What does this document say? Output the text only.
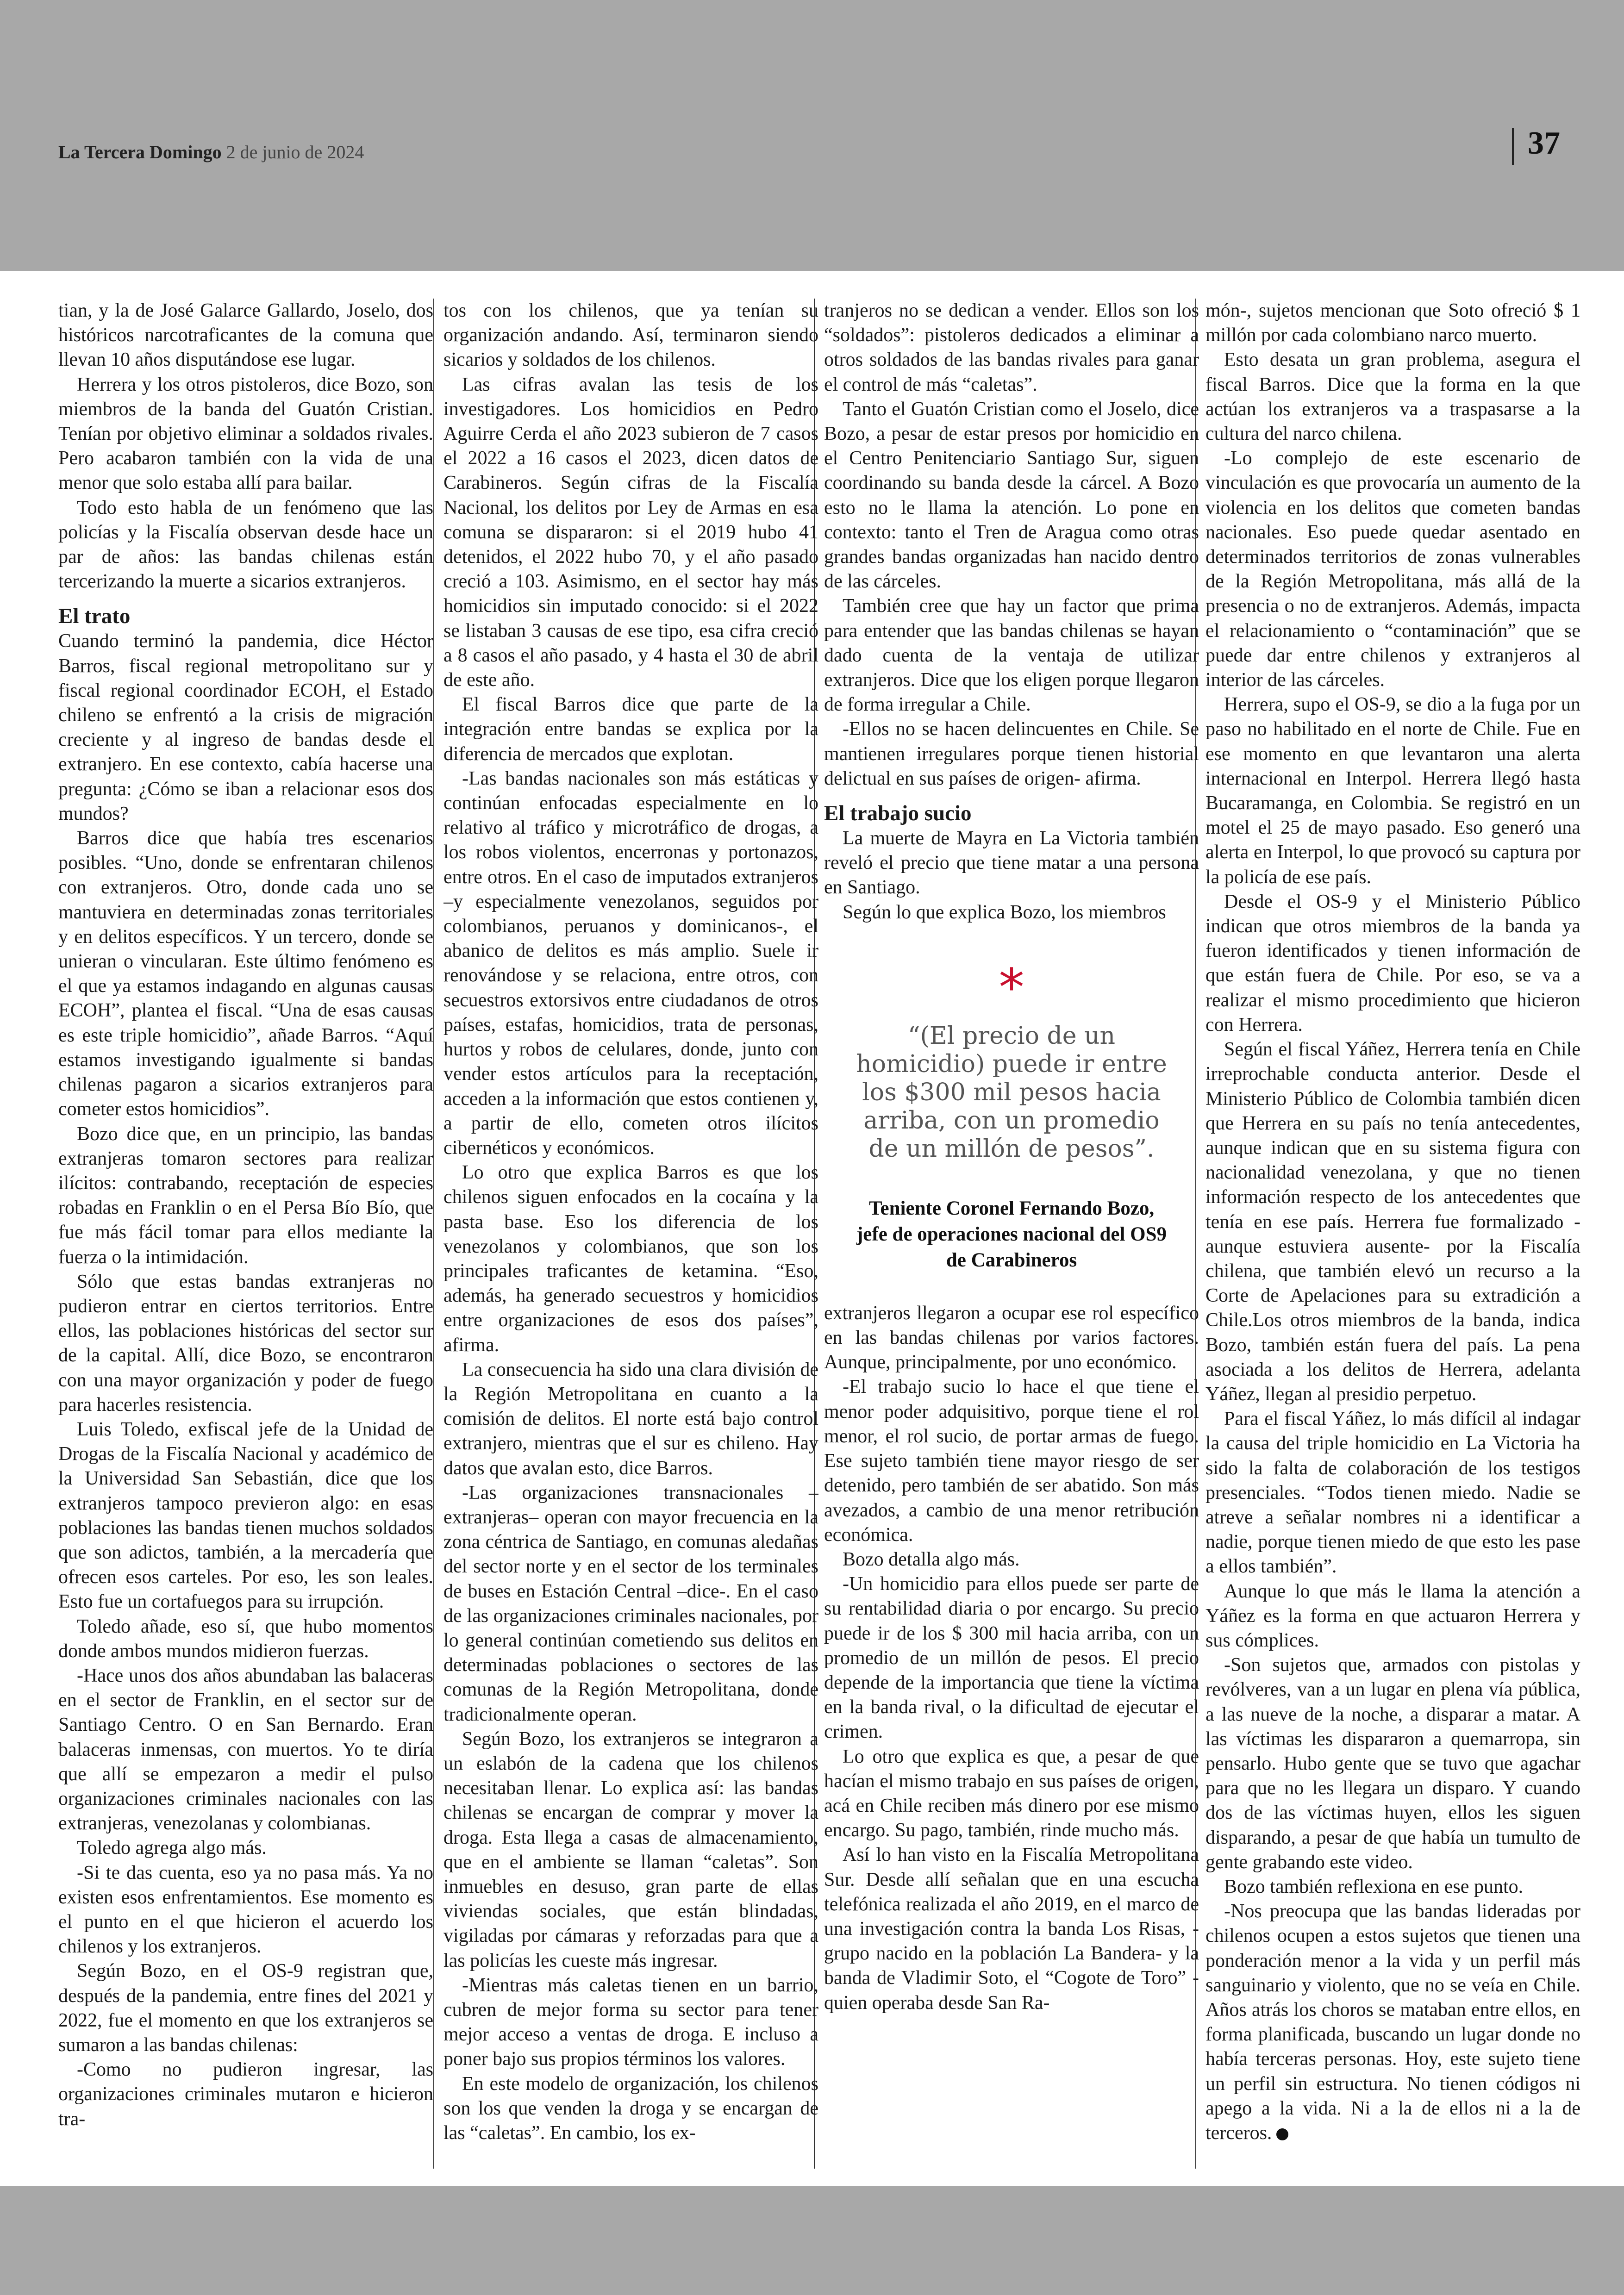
La Tercera Domingo 2 de junio de 2024	37

tian, y la de José Galarce Gallardo, Joselo, dos históricos narcotraficantes de la comuna que llevan 10 años disputándose ese lugar.

Herrera y los otros pistoleros, dice Bozo, son miembros de la banda del Guatón Cristian. Tenían por objetivo eliminar a soldados rivales. Pero acabaron también con la vida de una menor que solo estaba allí para bailar.

Todo esto habla de un fenómeno que las policías y la Fiscalía observan desde hace un par de años: las bandas chilenas están tercerizando la muerte a sicarios extranjeros.

El trato

Cuando terminó la pandemia, dice Héctor Barros, fiscal regional metropolitano sur y fiscal regional coordinador ECOH, el Estado chileno se enfrentó a la crisis de migración creciente y al ingreso de bandas desde el extranjero. En ese contexto, cabía hacerse una pregunta: ¿Cómo se iban a relacionar esos dos mundos?

Barros dice que había tres escenarios posibles. “Uno, donde se enfrentaran chilenos con extranjeros. Otro, donde cada uno se mantuviera en determinadas zonas territoriales y en delitos específicos. Y un tercero, donde se unieran o vincularan. Este último fenómeno es el que ya estamos indagando en algunas causas ECOH”, plantea el fiscal. “Una de esas causas es este triple homicidio”, añade Barros. “Aquí estamos investigando igualmente si bandas chilenas pagaron a sicarios extranjeros para cometer estos homicidios”.

Bozo dice que, en un principio, las bandas extranjeras tomaron sectores para realizar ilícitos: contrabando, receptación de especies robadas en Franklin o en el Persa Bío Bío, que fue más fácil tomar para ellos mediante la fuerza o la intimidación.

Sólo que estas bandas extranjeras no pudieron entrar en ciertos territorios. Entre ellos, las poblaciones históricas del sector sur de la capital. Allí, dice Bozo, se encontraron con una mayor organización y poder de fuego para hacerles resistencia.

Luis Toledo, exfiscal jefe de la Unidad de Drogas de la Fiscalía Nacional y académico de la Universidad San Sebastián, dice que los extranjeros tampoco previeron algo: en esas poblaciones las bandas tienen muchos soldados que son adictos, también, a la mercadería que ofrecen esos carteles. Por eso, les son leales. Esto fue un cortafuegos para su irrupción.

Toledo añade, eso sí, que hubo momentos donde ambos mundos midieron fuerzas.

-Hace unos dos años abundaban las balaceras en el sector de Franklin, en el sector sur de Santiago Centro. O en San Bernardo. Eran balaceras inmensas, con muertos. Yo te diría que allí se empezaron a medir el pulso organizaciones criminales nacionales con las extranjeras, venezolanas y colombianas.

Toledo agrega algo más.

-Si te das cuenta, eso ya no pasa más. Ya no existen esos enfrentamientos. Ese momento es el punto en el que hicieron el acuerdo los chilenos y los extranjeros.

Según Bozo, en el OS-9 registran que, después de la pandemia, entre fines del 2021 y 2022, fue el momento en que los extranjeros se sumaron a las bandas chilenas:

-Como no pudieron ingresar, las organizaciones criminales mutaron e hicieron tra-

tos con los chilenos, que ya tenían su organización andando. Así, terminaron siendo sicarios y soldados de los chilenos.

Las cifras avalan las tesis de los investigadores. Los homicidios en Pedro Aguirre Cerda el año 2023 subieron de 7 casos el 2022 a 16 casos el 2023, dicen datos de Carabineros. Según cifras de la Fiscalía Nacional, los delitos por Ley de Armas en esa comuna se dispararon: si el 2019 hubo 41 detenidos, el 2022 hubo 70, y el año pasado creció a 103. Asimismo, en el sector hay más homicidios sin imputado conocido: si el 2022 se listaban 3 causas de ese tipo, esa cifra creció a 8 casos el año pasado, y 4 hasta el 30 de abril de este año.

El fiscal Barros dice que parte de la integración entre bandas se explica por la diferencia de mercados que explotan.

-Las bandas nacionales son más estáticas y continúan enfocadas especialmente en lo relativo al tráfico y microtráfico de drogas, a los robos violentos, encerronas y portonazos, entre otros. En el caso de imputados extranjeros –y especialmente venezolanos, seguidos por colombianos, peruanos y dominicanos-, el abanico de delitos es más amplio. Suele ir renovándose y se relaciona, entre otros, con secuestros extorsivos entre ciudadanos de otros países, estafas, homicidios, trata de personas, hurtos y robos de celulares, donde, junto con vender estos artículos para la receptación, acceden a la información que estos contienen y, a partir de ello, cometen otros ilícitos cibernéticos y económicos.

Lo otro que explica Barros es que los chilenos siguen enfocados en la cocaína y la pasta base. Eso los diferencia de los venezolanos y colombianos, que son los principales traficantes de ketamina. “Eso, además, ha generado secuestros y homicidios entre organizaciones de esos dos países”, afirma.

La consecuencia ha sido una clara división de la Región Metropolitana en cuanto a la comisión de delitos. El norte está bajo control extranjero, mientras que el sur es chileno. Hay datos que avalan esto, dice Barros.

-Las organizaciones transnacionales –extranjeras– operan con mayor frecuencia en la zona céntrica de Santiago, en comunas aledañas del sector norte y en el sector de los terminales de buses en Estación Central –dice-. En el caso de las organizaciones criminales nacionales, por lo general continúan cometiendo sus delitos en determinadas poblaciones o sectores de las comunas de la Región Metropolitana, donde tradicionalmente operan.

Según Bozo, los extranjeros se integraron a un eslabón de la cadena que los chilenos necesitaban llenar. Lo explica así: las bandas chilenas se encargan de comprar y mover la droga. Esta llega a casas de almacenamiento, que en el ambiente se llaman “caletas”. Son inmuebles en desuso, gran parte de ellas viviendas sociales, que están blindadas, vigiladas por cámaras y reforzadas para que a las policías les cueste más ingresar.

-Mientras más caletas tienen en un barrio, cubren de mejor forma su sector para tener mejor acceso a ventas de droga. E incluso a poner bajo sus propios términos los valores.

En este modelo de organización, los chilenos son los que venden la droga y se encargan de las “caletas”. En cambio, los ex-

tranjeros no se dedican a vender. Ellos son los “soldados”: pistoleros dedicados a eliminar a otros soldados de las bandas rivales para ganar el control de más “caletas”.

Tanto el Guatón Cristian como el Joselo, dice Bozo, a pesar de estar presos por homicidio en el Centro Penitenciario Santiago Sur, siguen coordinando su banda desde la cárcel. A Bozo esto no le llama la atención. Lo pone en contexto: tanto el Tren de Aragua como otras grandes bandas organizadas han nacido dentro de las cárceles.

También cree que hay un factor que prima para entender que las bandas chilenas se hayan dado cuenta de la ventaja de utilizar extranjeros. Dice que los eligen porque llegaron de forma irregular a Chile.

-Ellos no se hacen delincuentes en Chile. Se mantienen irregulares porque tienen historial delictual en sus países de origen- afirma.

El trabajo sucio

La muerte de Mayra en La Victoria también reveló el precio que tiene matar a una persona en Santiago.

Según lo que explica Bozo, los miembros

*
“(El precio de un homicidio) puede ir entre los $300 mil pesos hacia arriba, con un promedio de un millón de pesos”.
Teniente Coronel Fernando Bozo, jefe de operaciones nacional del OS9 de Carabineros

extranjeros llegaron a ocupar ese rol específico en las bandas chilenas por varios factores. Aunque, principalmente, por uno económico.

-El trabajo sucio lo hace el que tiene el menor poder adquisitivo, porque tiene el rol menor, el rol sucio, de portar armas de fuego. Ese sujeto también tiene mayor riesgo de ser detenido, pero también de ser abatido. Son más avezados, a cambio de una menor retribución económica.

Bozo detalla algo más.

-Un homicidio para ellos puede ser parte de su rentabilidad diaria o por encargo. Su precio puede ir de los $ 300 mil hacia arriba, con un promedio de un millón de pesos. El precio depende de la importancia que tiene la víctima en la banda rival, o la dificultad de ejecutar el crimen.

Lo otro que explica es que, a pesar de que hacían el mismo trabajo en sus países de origen, acá en Chile reciben más dinero por ese mismo encargo. Su pago, también, rinde mucho más.

Así lo han visto en la Fiscalía Metropolitana Sur. Desde allí señalan que en una escucha telefónica realizada el año 2019, en el marco de una investigación contra la banda Los Risas, -grupo nacido en la población La Bandera- y la banda de Vladimir Soto, el “Cogote de Toro” -quien operaba desde San Ra-

món-, sujetos mencionan que Soto ofreció $ 1 millón por cada colombiano narco muerto.

Esto desata un gran problema, asegura el fiscal Barros. Dice que la forma en la que actúan los extranjeros va a traspasarse a la cultura del narco chilena.

-Lo complejo de este escenario de vinculación es que provocaría un aumento de la violencia en los delitos que cometen bandas nacionales. Eso puede quedar asentado en determinados territorios de zonas vulnerables de la Región Metropolitana, más allá de la presencia o no de extranjeros. Además, impacta el relacionamiento o “contaminación” que se puede dar entre chilenos y extranjeros al interior de las cárceles.

Herrera, supo el OS-9, se dio a la fuga por un paso no habilitado en el norte de Chile. Fue en ese momento en que levantaron una alerta internacional en Interpol. Herrera llegó hasta Bucaramanga, en Colombia. Se registró en un motel el 25 de mayo pasado. Eso generó una alerta en Interpol, lo que provocó su captura por la policía de ese país.

Desde el OS-9 y el Ministerio Público indican que otros miembros de la banda ya fueron identificados y tienen información de que están fuera de Chile. Por eso, se va a realizar el mismo procedimiento que hicieron con Herrera.

Según el fiscal Yáñez, Herrera tenía en Chile irreprochable conducta anterior. Desde el Ministerio Público de Colombia también dicen que Herrera en su país no tenía antecedentes, aunque indican que en su sistema figura con nacionalidad venezolana, y que no tienen información respecto de los antecedentes que tenía en ese país. Herrera fue formalizado -aunque estuviera ausente- por la Fiscalía chilena, que también elevó un recurso a la Corte de Apelaciones para su extradición a Chile.Los otros miembros de la banda, indica Bozo, también están fuera del país. La pena asociada a los delitos de Herrera, adelanta Yáñez, llegan al presidio perpetuo.

Para el fiscal Yáñez, lo más difícil al indagar la causa del triple homicidio en La Victoria ha sido la falta de colaboración de los testigos presenciales. “Todos tienen miedo. Nadie se atreve a señalar nombres ni a identificar a nadie, porque tienen miedo de que esto les pase a ellos también”.

Aunque lo que más le llama la atención a Yáñez es la forma en que actuaron Herrera y sus cómplices.

-Son sujetos que, armados con pistolas y revólveres, van a un lugar en plena vía pública, a las nueve de la noche, a disparar a matar. A las víctimas les dispararon a quemarropa, sin pensarlo. Hubo gente que se tuvo que agachar para que no les llegara un disparo. Y cuando dos de las víctimas huyen, ellos les siguen disparando, a pesar de que había un tumulto de gente grabando este video.

Bozo también reflexiona en ese punto.

-Nos preocupa que las bandas lideradas por chilenos ocupen a estos sujetos que tienen una ponderación menor a la vida y un perfil más sanguinario y violento, que no se veía en Chile. Años atrás los choros se mataban entre ellos, en forma planificada, buscando un lugar donde no había terceras personas. Hoy, este sujeto tiene un perfil sin estructura. No tienen códigos ni apego a la vida. Ni a la de ellos ni a la de terceros.
